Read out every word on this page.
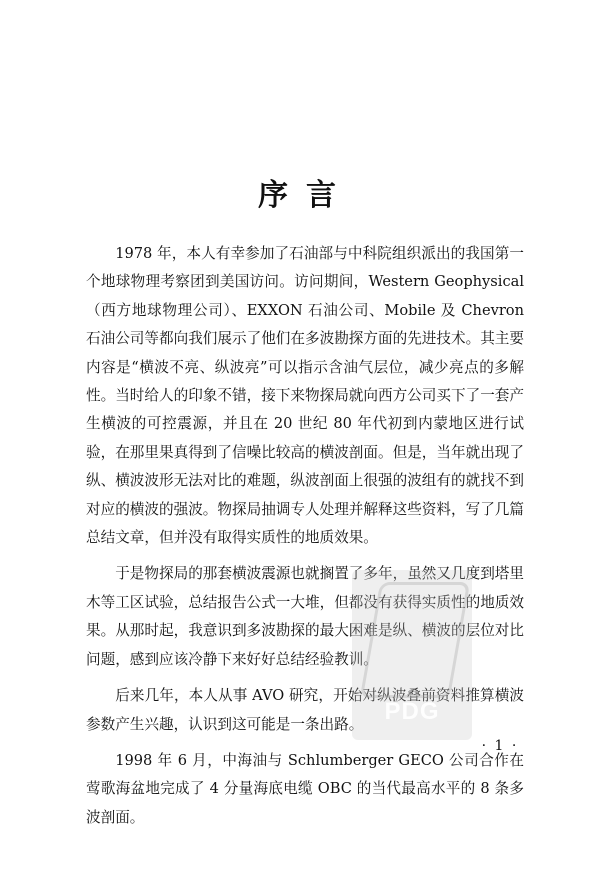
序言

1978 年，本人有幸参加了石油部与中科院组织派出的我国第一个地球物理考察团到美国访问。访问期间，Western Geophysical（西方地球物理公司）、EXXON 石油公司、Mobile 及 Chevron 石油公司等都向我们展示了他们在多波勘探方面的先进技术。其主要内容是“横波不亮、纵波亮”可以指示含油气层位，减少亮点的多解性。当时给人的印象不错，接下来物探局就向西方公司买下了一套产生横波的可控震源，并且在 20 世纪 80 年代初到内蒙地区进行试验，在那里果真得到了信噪比较高的横波剖面。但是，当年就出现了纵、横波波形无法对比的难题，纵波剖面上很强的波组有的就找不到对应的横波的强波。物探局抽调专人处理并解释这些资料，写了几篇总结文章，但并没有取得实质性的地质效果。

于是物探局的那套横波震源也就搁置了多年，虽然又几度到塔里木等工区试验，总结报告公式一大堆，但都没有获得实质性的地质效果。从那时起，我意识到多波勘探的最大困难是纵、横波的层位对比问题，感到应该冷静下来好好总结经验教训。

后来几年，本人从事 AVO 研究，开始对纵波叠前资料推算横波参数产生兴趣，认识到这可能是一条出路。

1998 年 6 月，中海油与 Schlumberger GECO 公司合作在莺歌海盆地完成了 4 分量海底电缆 OBC 的当代最高水平的 8 条多波剖面。

PDG
· 1 ·
